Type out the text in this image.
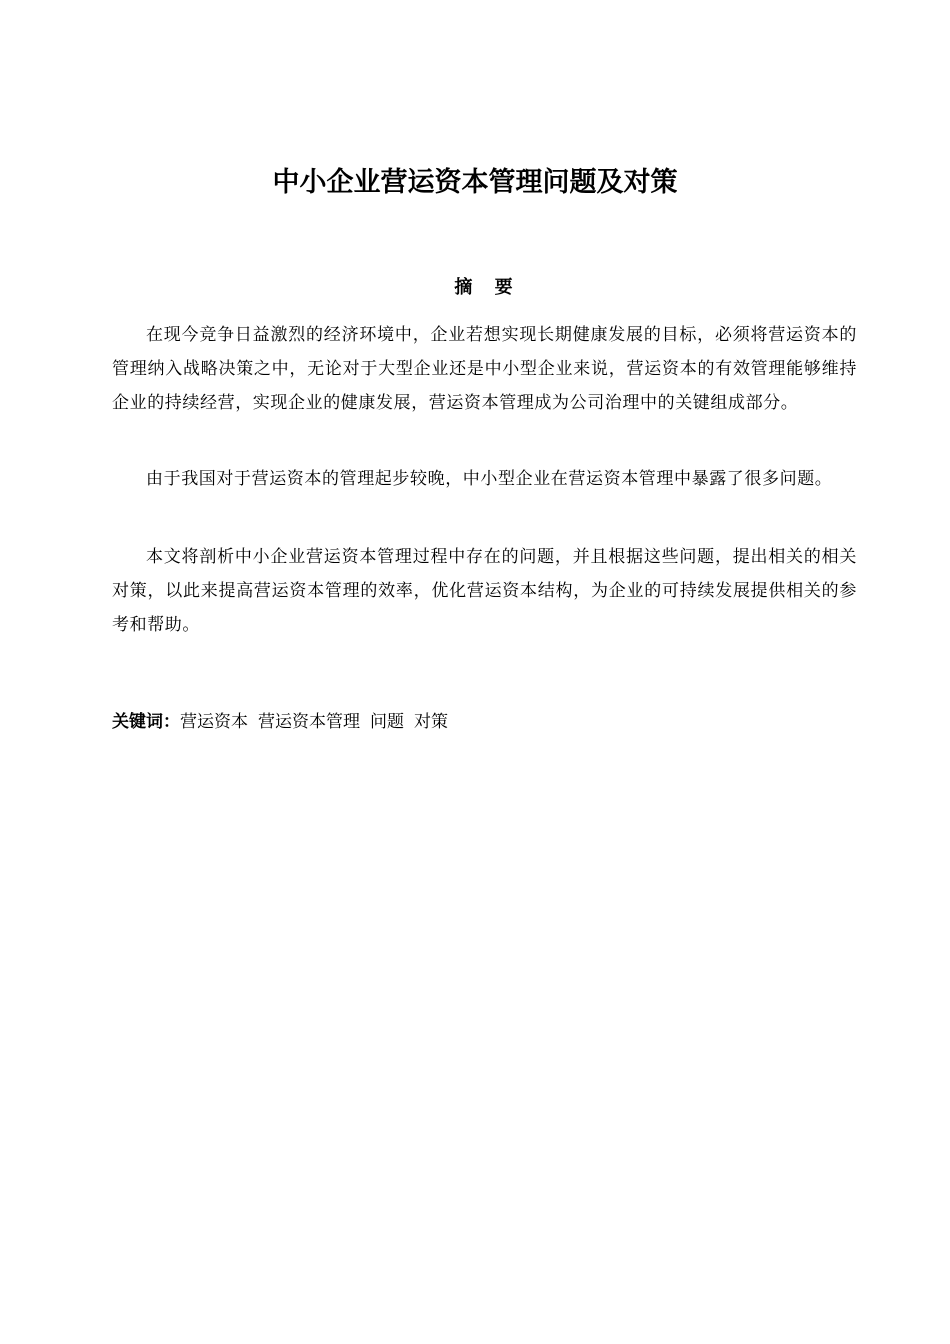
中小企业营运资本管理问题及对策
摘 要

在现今竞争日益激烈的经济环境中，企业若想实现长期健康发展的目标，必须将营运资本的管理纳入战略决策之中，无论对于大型企业还是中小型企业来说，营运资本的有效管理能够维持企业的持续经营，实现企业的健康发展，营运资本管理成为公司治理中的关键组成部分。

由于我国对于营运资本的管理起步较晚，中小型企业在营运资本管理中暴露了很多问题。

本文将剖析中小企业营运资本管理过程中存在的问题，并且根据这些问题，提出相关的相关对策，以此来提高营运资本管理的效率，优化营运资本结构，为企业的可持续发展提供相关的参考和帮助。

关键词：营运资本 营运资本管理 问题 对策
